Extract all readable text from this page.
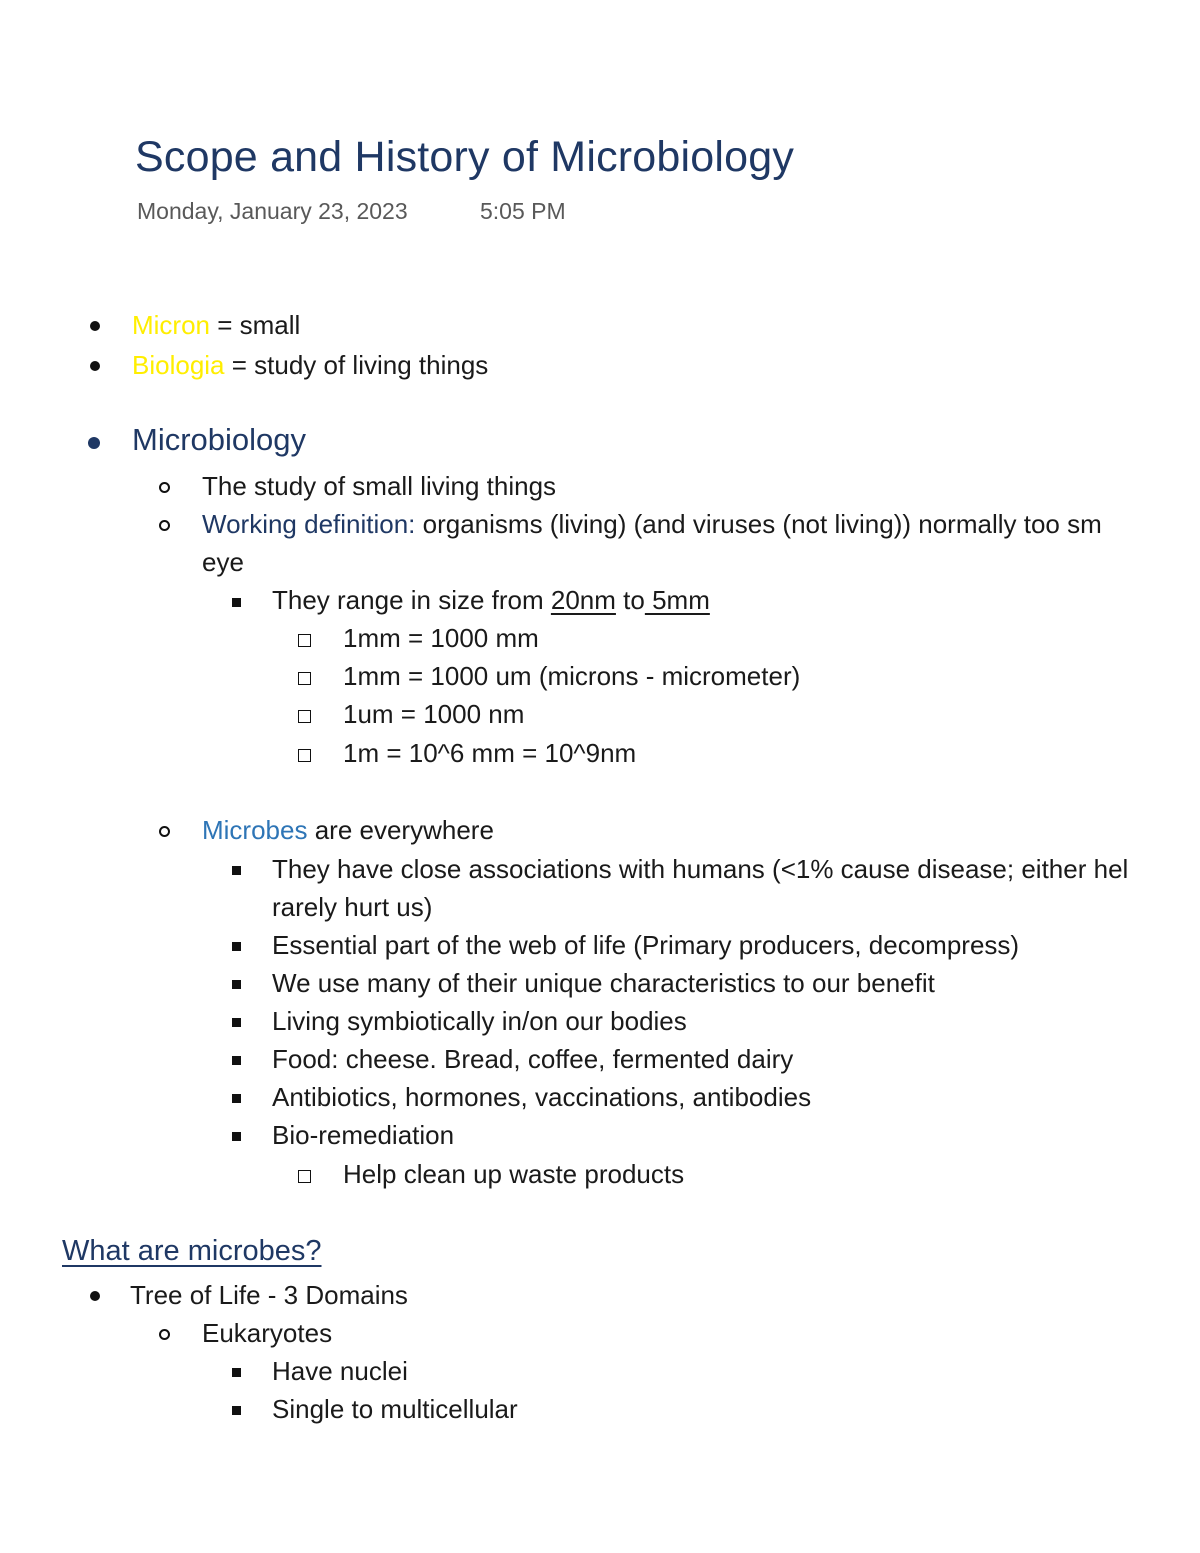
Scope and History of Microbiology
Monday, January 23, 2023	5:05 PM
Micron = small
Biologia = study of living things
Microbiology
The study of small living things
Working definition: organisms (living) (and viruses (not living)) normally too sm
eye
They range in size from 20nm to 5mm
1mm = 1000 mm
1mm = 1000 um (microns - micrometer)
1um = 1000 nm
1m = 10^6 mm = 10^9nm
Microbes are everywhere
They have close associations with humans (<1% cause disease; either hel
rarely hurt us)
Essential part of the web of life (Primary producers, decompress)
We use many of their unique characteristics to our benefit
Living symbiotically in/on our bodies
Food: cheese. Bread, coffee, fermented dairy
Antibiotics, hormones, vaccinations, antibodies
Bio-remediation
Help clean up waste products
What are microbes?
Tree of Life - 3 Domains
Eukaryotes
Have nuclei
Single to multicellular
